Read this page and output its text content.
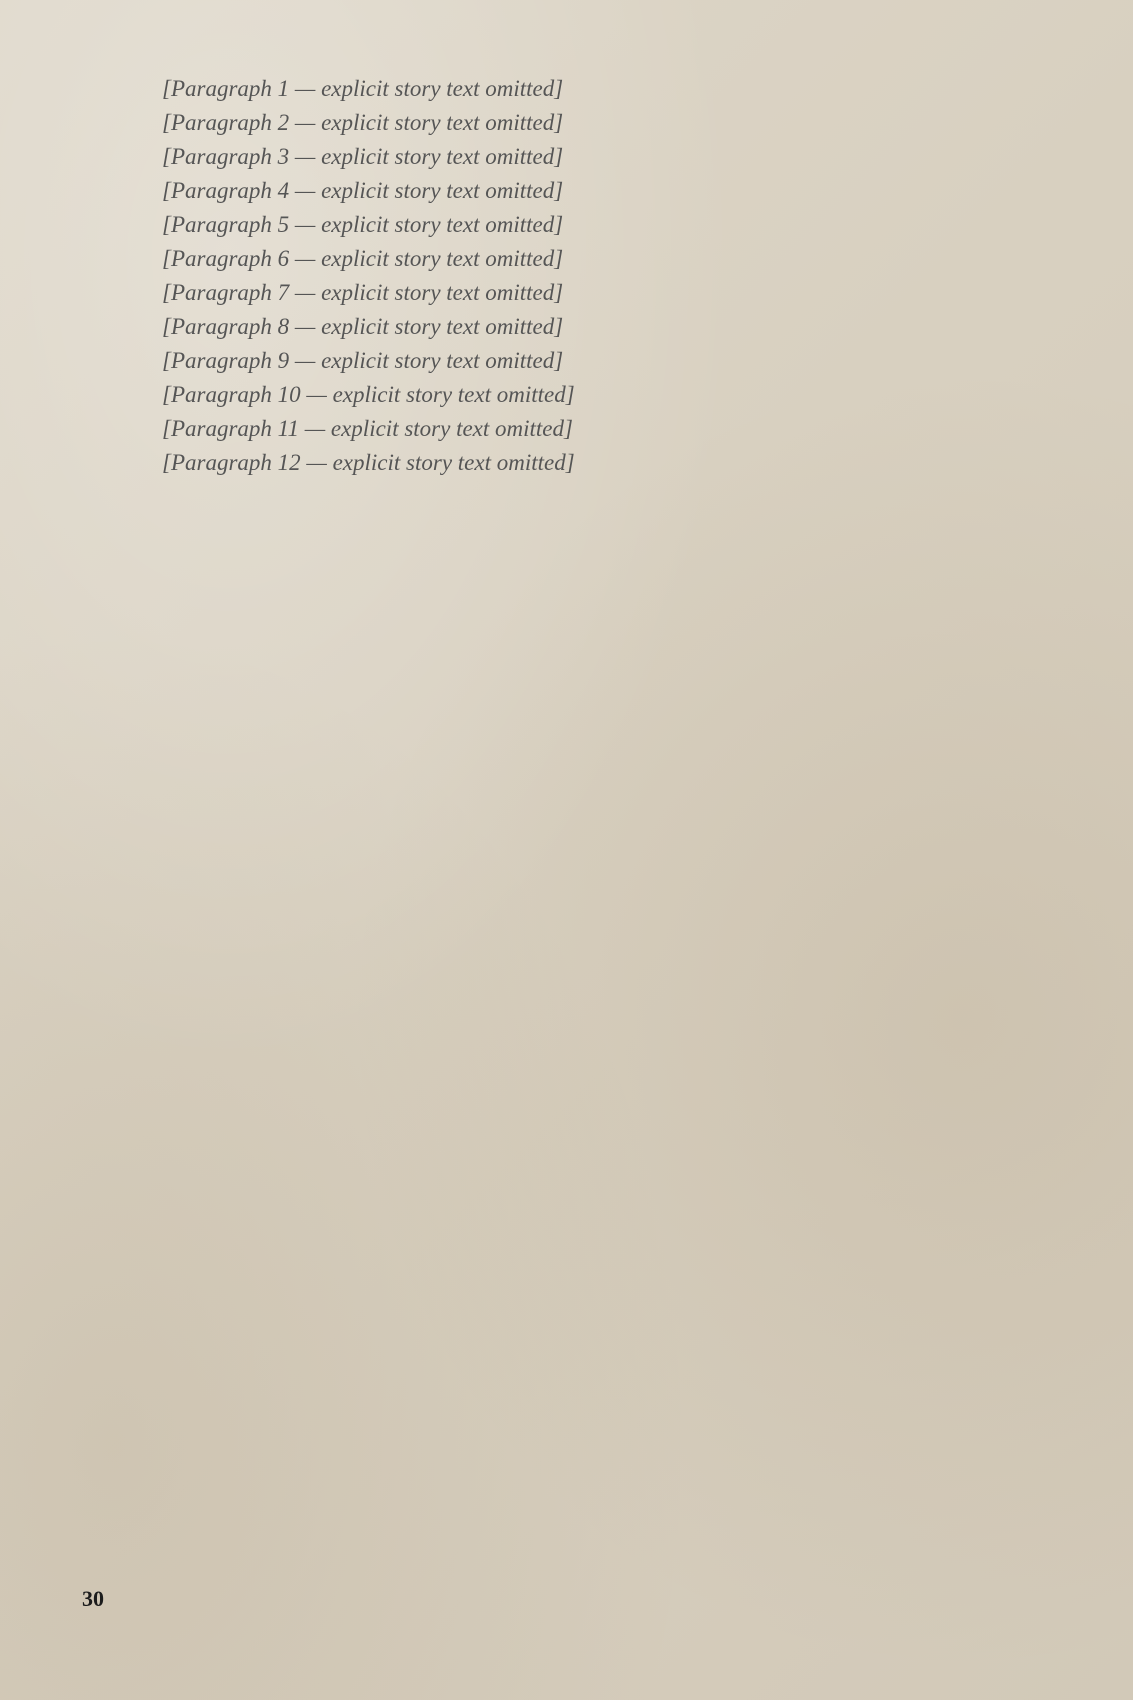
[Paragraph 1 — explicit story text omitted]

[Paragraph 2 — explicit story text omitted]

[Paragraph 3 — explicit story text omitted]

[Paragraph 4 — explicit story text omitted]

[Paragraph 5 — explicit story text omitted]

[Paragraph 6 — explicit story text omitted]

[Paragraph 7 — explicit story text omitted]

[Paragraph 8 — explicit story text omitted]

[Paragraph 9 — explicit story text omitted]

[Paragraph 10 — explicit story text omitted]

[Paragraph 11 — explicit story text omitted]

[Paragraph 12 — explicit story text omitted]

30
